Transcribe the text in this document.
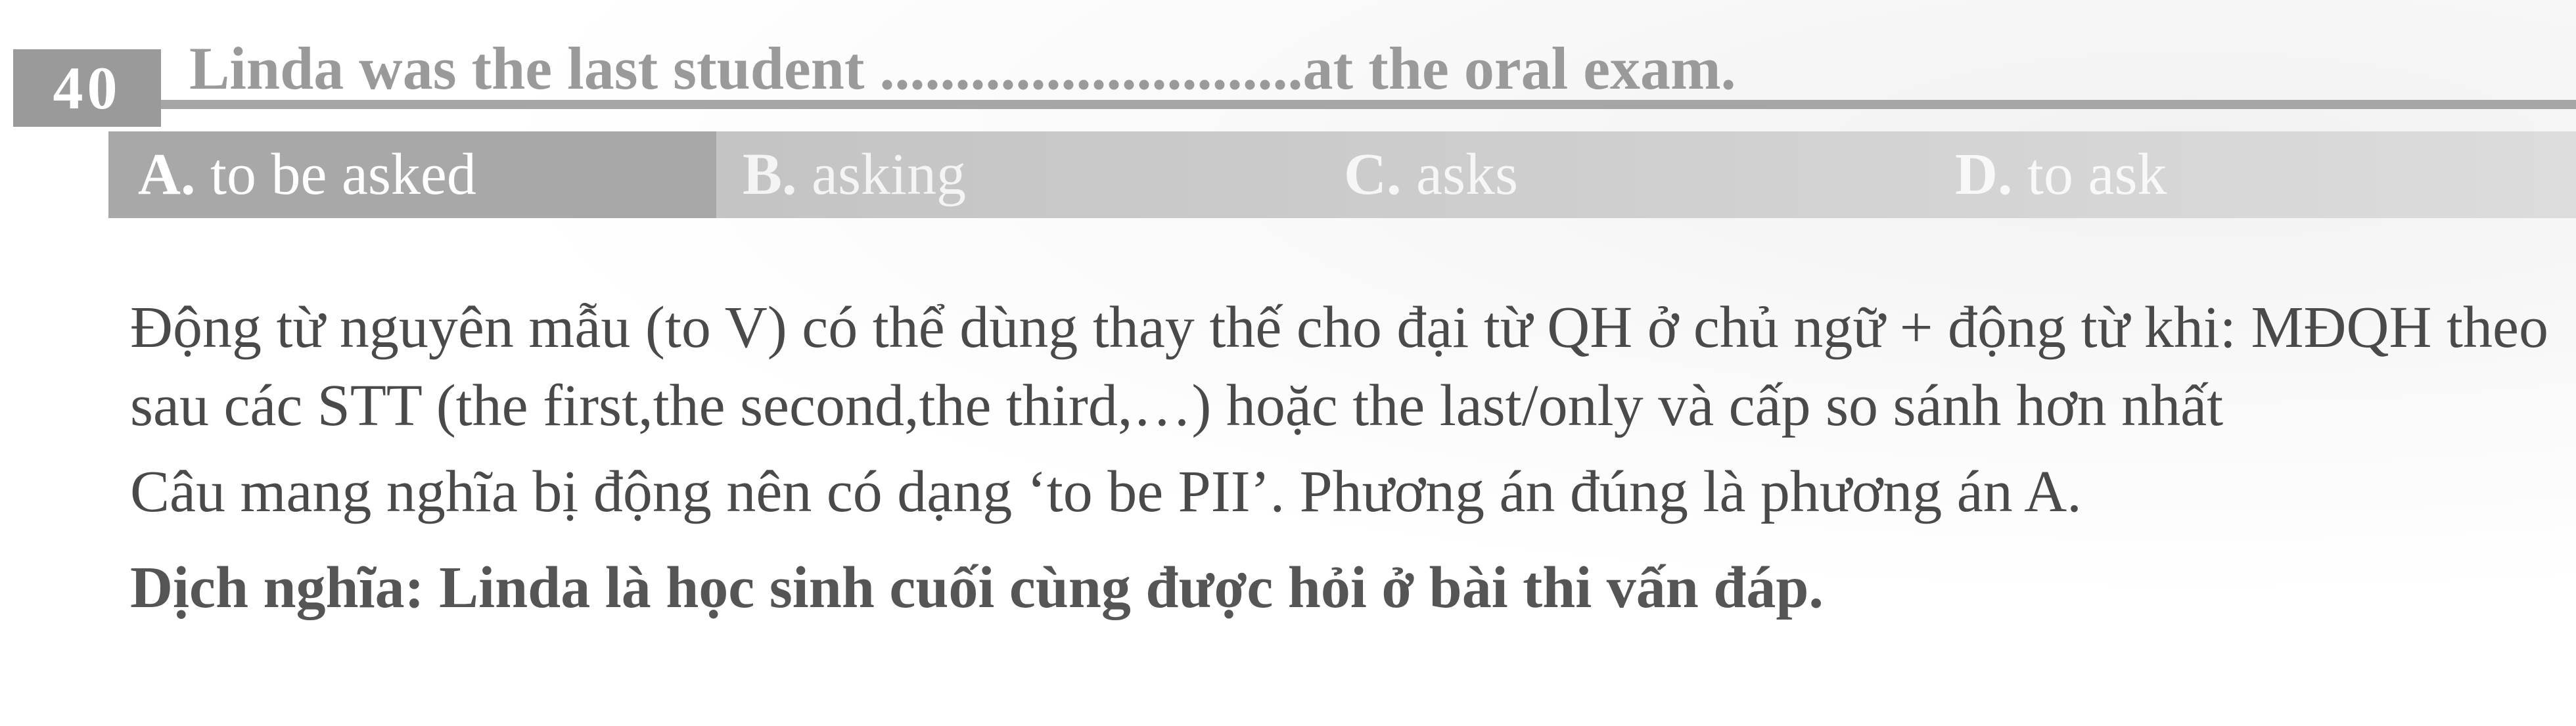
40	Linda was the last student ............................at the oral exam.
A. to be asked	B. asking	C. asks	D. to ask

Động từ nguyên mẫu (to V) có thể dùng thay thế cho đại từ QH ở chủ ngữ + động từ khi: MĐQH theo sau các STT (the first,the second,the third,…) hoặc the last/only và cấp so sánh hơn nhất

Câu mang nghĩa bị động nên có dạng ‘to be PII’. Phương án đúng là phương án A.

Dịch nghĩa: Linda là học sinh cuối cùng được hỏi ở bài thi vấn đáp.
